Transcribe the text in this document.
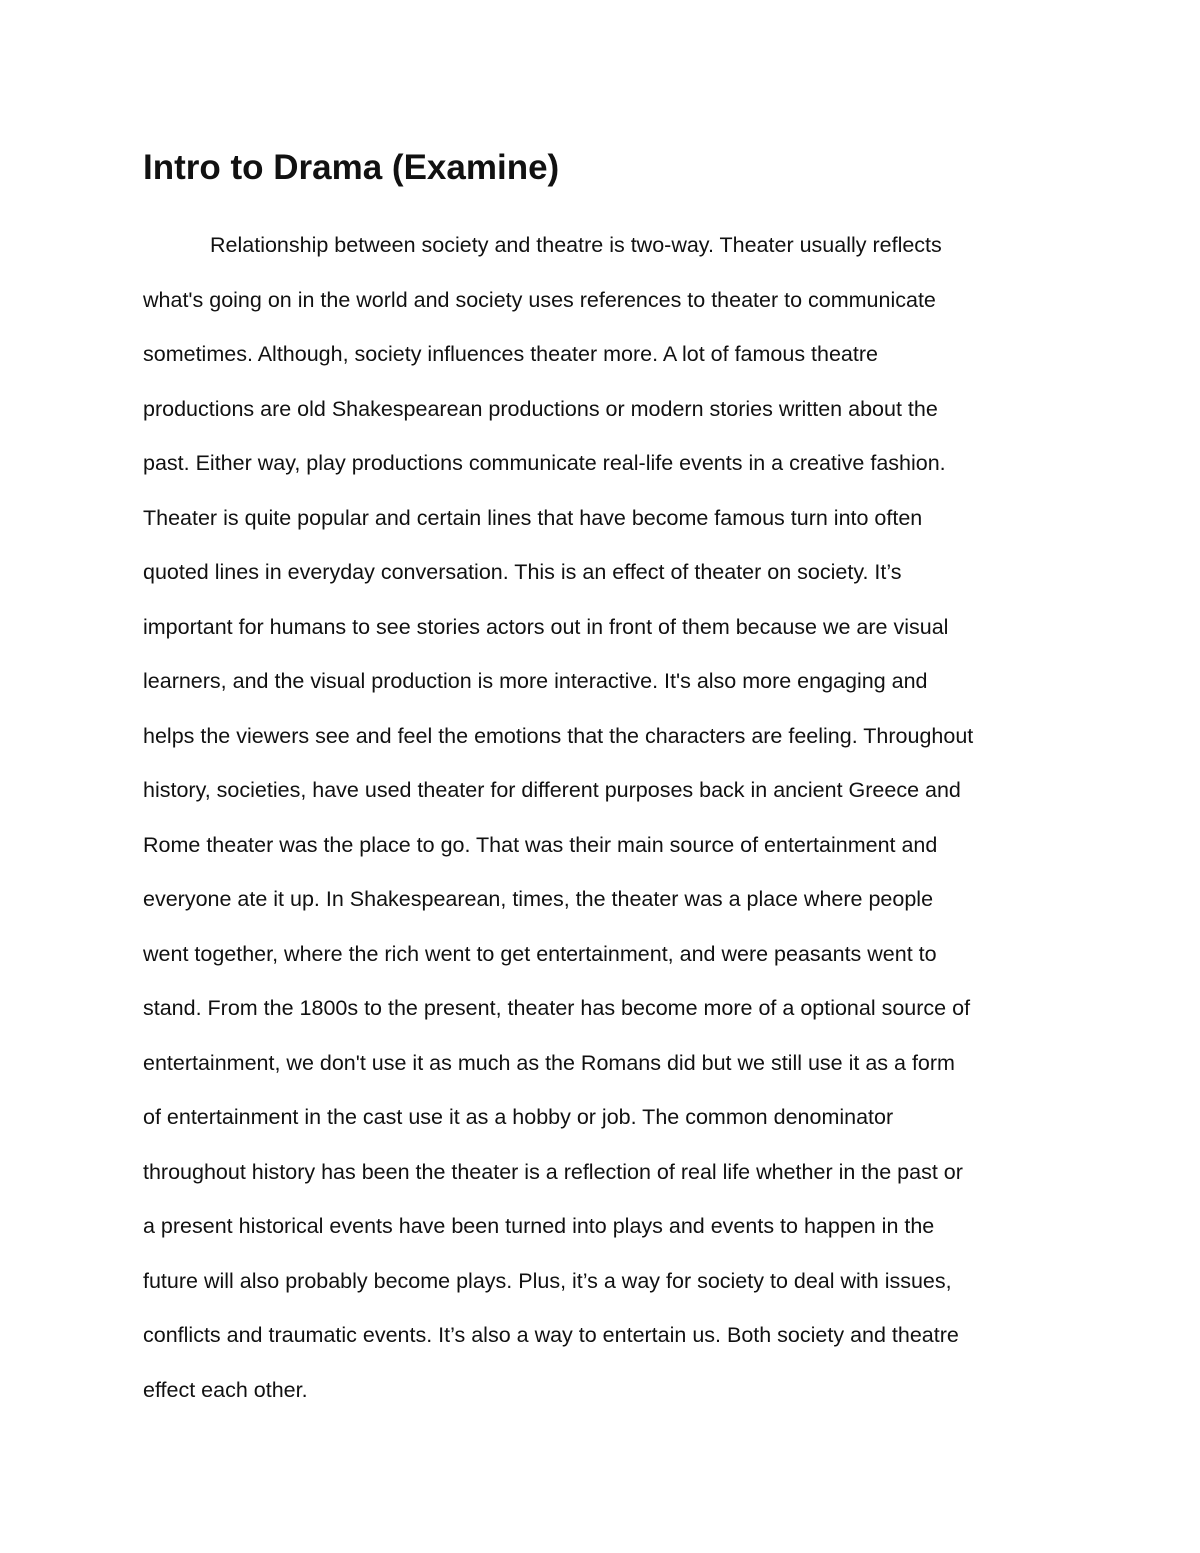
Intro to Drama (Examine)
Relationship between society and theatre is two-way. Theater usually reflects
what's going on in the world and society uses references to theater to communicate
sometimes. Although, society influences theater more. A lot of famous theatre
productions are old Shakespearean productions or modern stories written about the
past. Either way, play productions communicate real-life events in a creative fashion.
Theater is quite popular and certain lines that have become famous turn into often
quoted lines in everyday conversation. This is an effect of theater on society. It’s
important for humans to see stories actors out in front of them because we are visual
learners, and the visual production is more interactive. It's also more engaging and
helps the viewers see and feel the emotions that the characters are feeling. Throughout
history, societies, have used theater for different purposes back in ancient Greece and
Rome theater was the place to go. That was their main source of entertainment and
everyone ate it up. In Shakespearean, times, the theater was a place where people
went together, where the rich went to get entertainment, and were peasants went to
stand. From the 1800s to the present, theater has become more of a optional source of
entertainment, we don't use it as much as the Romans did but we still use it as a form
of entertainment in the cast use it as a hobby or job. The common denominator
throughout history has been the theater is a reflection of real life whether in the past or
a present historical events have been turned into plays and events to happen in the
future will also probably become plays. Plus, it’s a way for society to deal with issues,
conflicts and traumatic events. It’s also a way to entertain us. Both society and theatre
effect each other.
